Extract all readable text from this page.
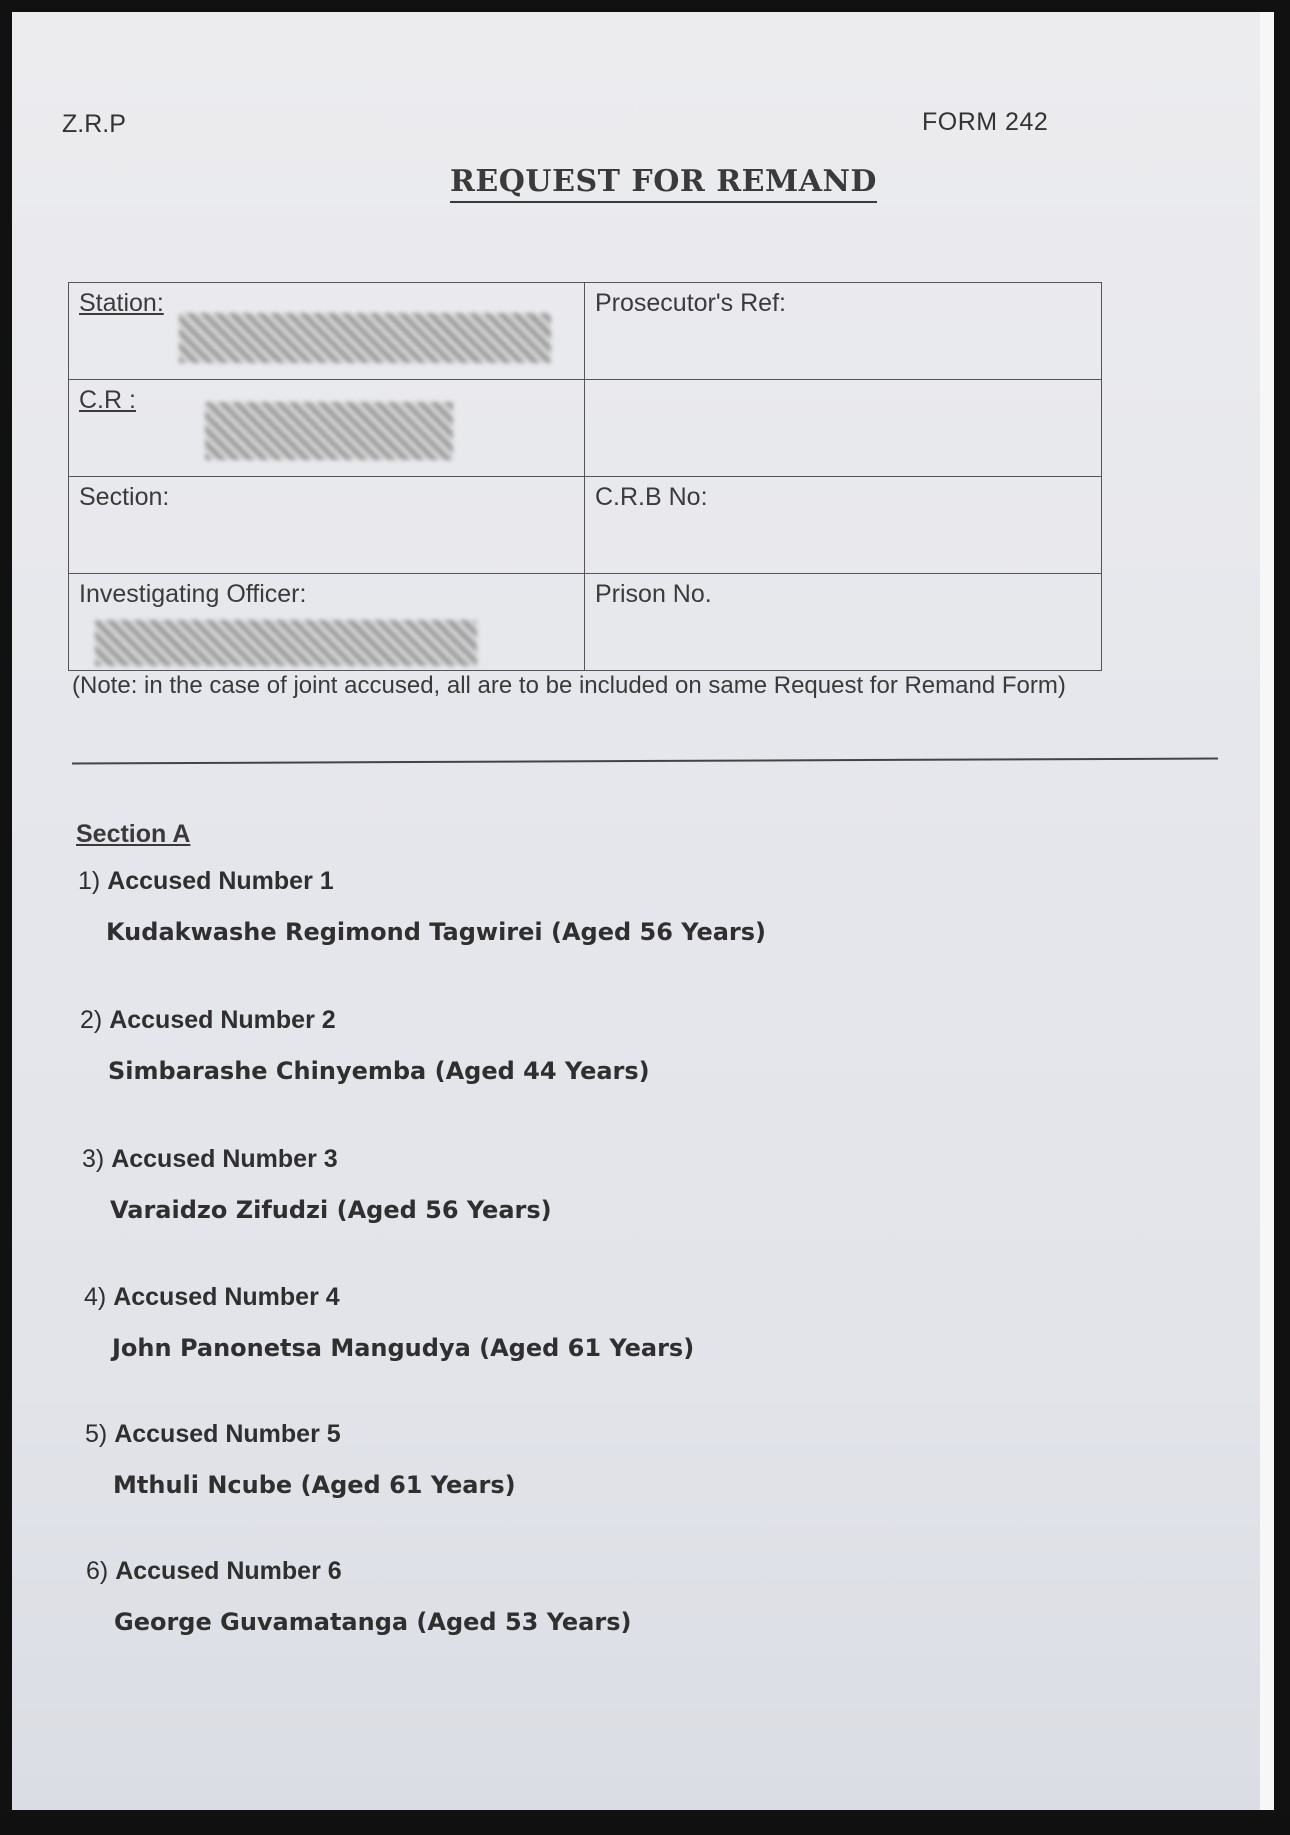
Z.R.P	FORM 242
REQUEST FOR REMAND
Station:	Prosecutor's Ref:
C.R :

Section:	C.R.B No:
Investigating Officer:	Prison No.
(Note: in the case of joint accused, all are to be included on same Request for Remand Form)
Section A
1) Accused Number 1
Kudakwashe Regimond Tagwirei (Aged 56 Years)
2) Accused Number 2
Simbarashe Chinyemba (Aged 44 Years)
3) Accused Number 3
Varaidzo Zifudzi (Aged 56 Years)
4) Accused Number 4
John Panonetsa Mangudya (Aged 61 Years)
5) Accused Number 5
Mthuli Ncube (Aged 61 Years)
6) Accused Number 6
George Guvamatanga (Aged 53 Years)
